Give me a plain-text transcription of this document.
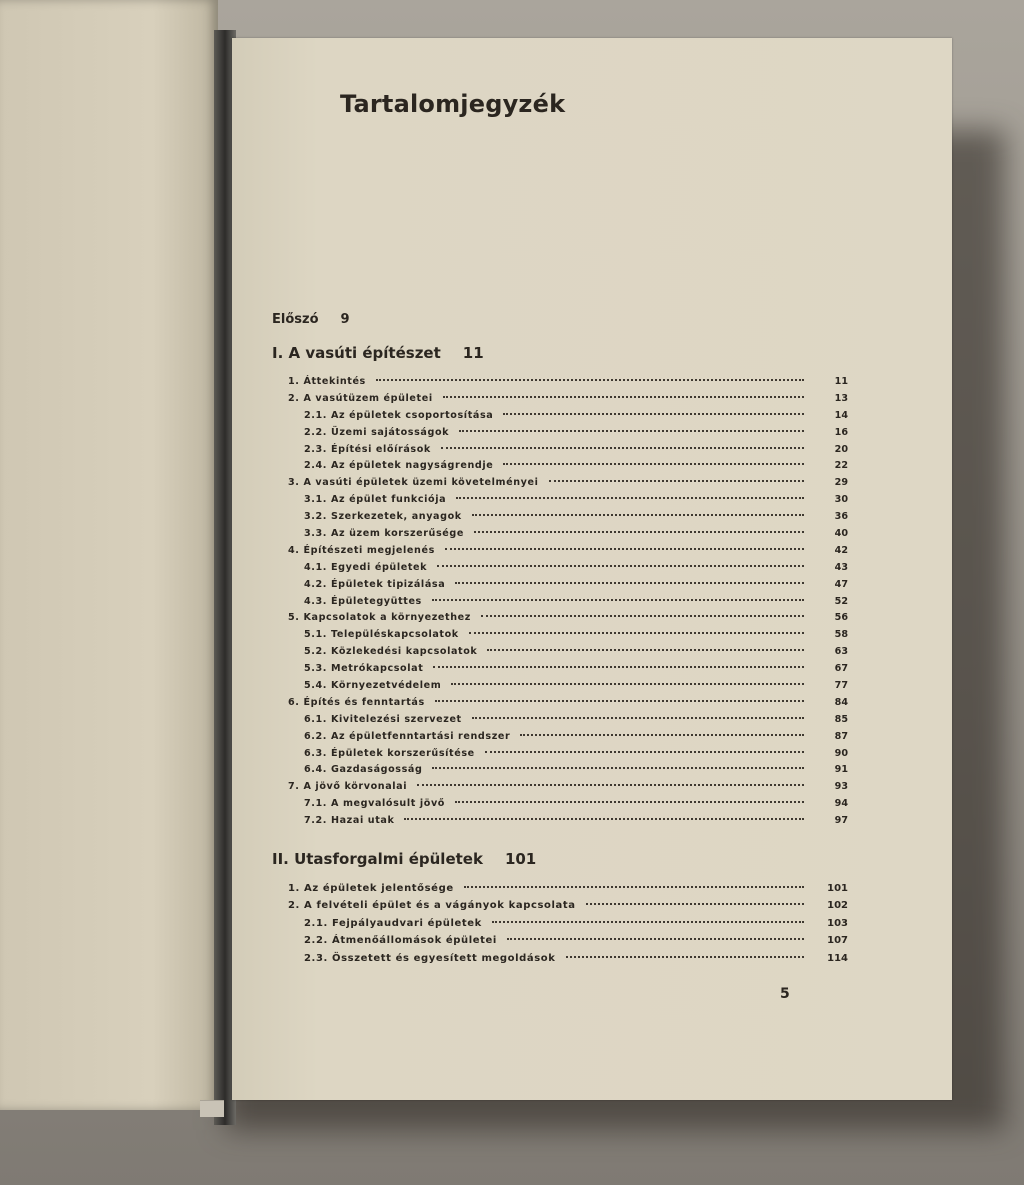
Tartalomjegyzék
Előszó 9
I. A vasúti építészet 11
1. Áttekintés	11
2. A vasútüzem épületei	13
2.1. Az épületek csoportosítása	14
2.2. Üzemi sajátosságok	16
2.3. Építési előírások	20
2.4. Az épületek nagyságrendje	22
3. A vasúti épületek üzemi követelményei	29
3.1. Az épület funkciója	30
3.2. Szerkezetek, anyagok	36
3.3. Az üzem korszerűsége	40
4. Építészeti megjelenés	42
4.1. Egyedi épületek	43
4.2. Épületek tipizálása	47
4.3. Épületegyüttes	52
5. Kapcsolatok a környezethez	56
5.1. Településkapcsolatok	58
5.2. Közlekedési kapcsolatok	63
5.3. Metrókapcsolat	67
5.4. Környezetvédelem	77
6. Építés és fenntartás	84
6.1. Kivitelezési szervezet	85
6.2. Az épületfenntartási rendszer	87
6.3. Épületek korszerűsítése	90
6.4. Gazdaságosság	91
7. A jövő körvonalai	93
7.1. A megvalósult jövő	94
7.2. Hazai utak	97
II. Utasforgalmi épületek 101
1. Az épületek jelentősége	101
2. A felvételi épület és a vágányok kapcsolata	102
2.1. Fejpályaudvari épületek	103
2.2. Átmenőállomások épületei	107
2.3. Összetett és egyesített megoldások	114
5
